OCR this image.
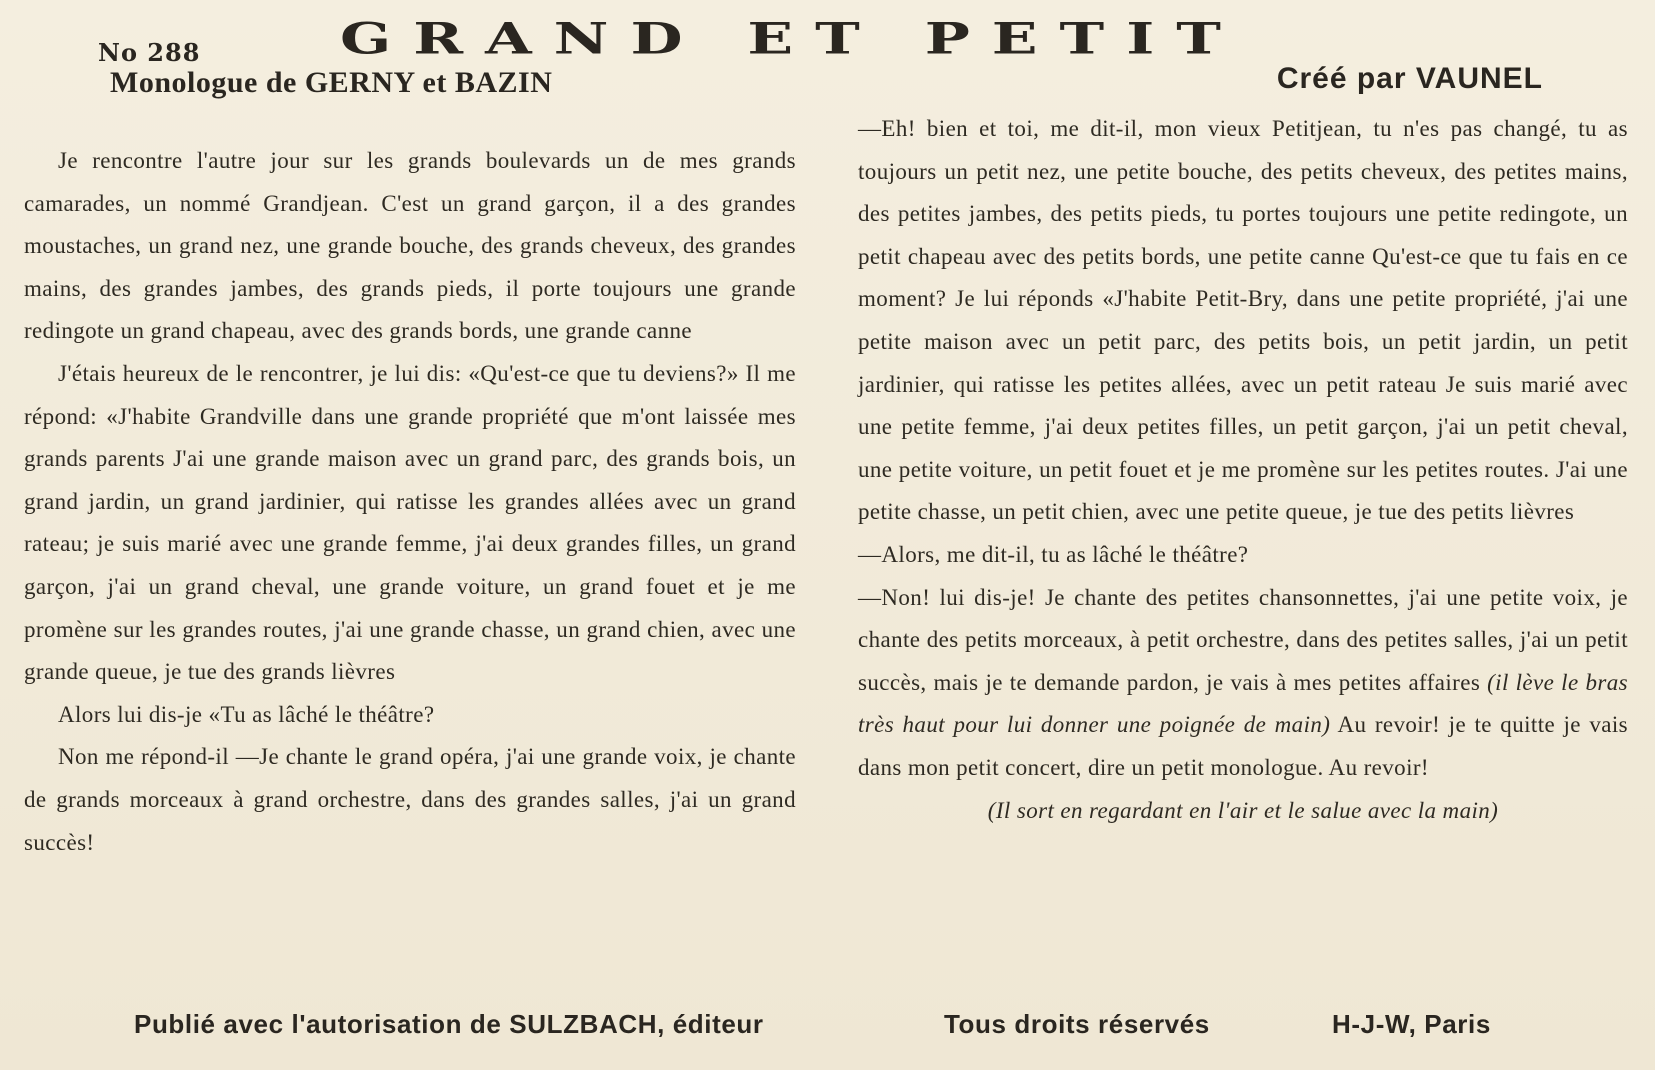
No 288 GRAND ET PETIT
Monologue de GERNY et BAZIN	Créé par VAUNEL

Je rencontre l'autre jour sur les grands boulevards un de mes grands camarades, un nommé Grandjean. C'est un grand garçon, il a des grandes moustaches, un grand nez, une grande bouche, des grands cheveux, des grandes mains, des grandes jambes, des grands pieds, il porte toujours une grande redingote un grand chapeau, avec des grands bords, une grande canne

J'étais heureux de le rencontrer, je lui dis: «Qu'est-ce que tu deviens?» Il me répond: «J'habite Grandville dans une grande propriété que m'ont laissée mes grands parents J'ai une grande maison avec un grand parc, des grands bois, un grand jardin, un grand jardinier, qui ratisse les grandes allées avec un grand rateau; je suis marié avec une grande femme, j'ai deux grandes filles, un grand garçon, j'ai un grand cheval, une grande voiture, un grand fouet et je me promène sur les grandes routes, j'ai une grande chasse, un grand chien, avec une grande queue, je tue des grands lièvres

Alors lui dis-je «Tu as lâché le théâtre?

Non me répond-il —Je chante le grand opéra, j'ai une grande voix, je chante de grands morceaux à grand orchestre, dans des grandes salles, j'ai un grand succès!

—Eh! bien et toi, me dit-il, mon vieux Petitjean, tu n'es pas changé, tu as toujours un petit nez, une petite bouche, des petits cheveux, des petites mains, des petites jambes, des petits pieds, tu portes toujours une petite redingote, un petit chapeau avec des petits bords, une petite canne Qu'est-ce que tu fais en ce moment? Je lui réponds «J'habite Petit-Bry, dans une petite propriété, j'ai une petite maison avec un petit parc, des petits bois, un petit jardin, un petit jardinier, qui ratisse les petites allées, avec un petit rateau Je suis marié avec une petite femme, j'ai deux petites filles, un petit garçon, j'ai un petit cheval, une petite voiture, un petit fouet et je me promène sur les petites routes. J'ai une petite chasse, un petit chien, avec une petite queue, je tue des petits lièvres

—Alors, me dit-il, tu as lâché le théâtre?

—Non! lui dis-je! Je chante des petites chansonnettes, j'ai une petite voix, je chante des petits morceaux, à petit orchestre, dans des petites salles, j'ai un petit succès, mais je te demande pardon, je vais à mes petites affaires (il lève le bras très haut pour lui donner une poignée de main) Au revoir! je te quitte je vais dans mon petit concert, dire un petit monologue. Au revoir!

(Il sort en regardant en l'air et le salue avec la main)

Publié avec l'autorisation de SULZBACH, éditeur	Tous droits réservés	H-J-W, Paris
